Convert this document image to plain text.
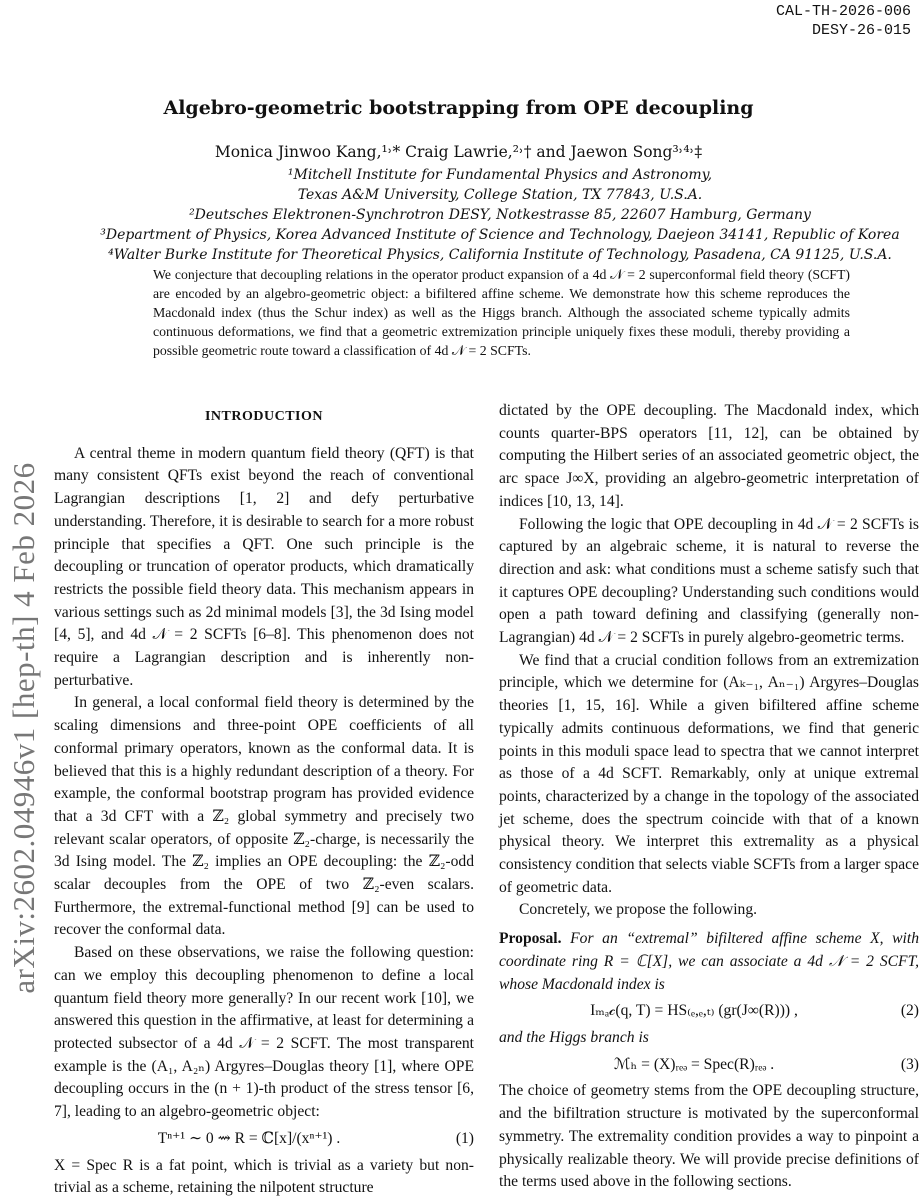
CAL-TH-2026-006
DESY-26-015
arXiv:2602.04946v1 [hep-th] 4 Feb 2026
Algebro-geometric bootstrapping from OPE decoupling
Monica Jinwoo Kang,¹˒* Craig Lawrie,²˒† and Jaewon Song³˒⁴˒‡
¹Mitchell Institute for Fundamental Physics and Astronomy,
Texas A&M University, College Station, TX 77843, U.S.A.
²Deutsches Elektronen-Synchrotron DESY, Notkestrasse 85, 22607 Hamburg, Germany
³Department of Physics, Korea Advanced Institute of Science and Technology, Daejeon 34141, Republic of Korea
⁴Walter Burke Institute for Theoretical Physics, California Institute of Technology, Pasadena, CA 91125, U.S.A.
We conjecture that decoupling relations in the operator product expansion of a 4d 𝒩 = 2 superconformal field theory (SCFT) are encoded by an algebro-geometric object: a bifiltered affine scheme. We demonstrate how this scheme reproduces the Macdonald index (thus the Schur index) as well as the Higgs branch. Although the associated scheme typically admits continuous deformations, we find that a geometric extremization principle uniquely fixes these moduli, thereby providing a possible geometric route toward a classification of 4d 𝒩 = 2 SCFTs.
INTRODUCTION

A central theme in modern quantum field theory (QFT) is that many consistent QFTs exist beyond the reach of conventional Lagrangian descriptions [1, 2] and defy perturbative understanding. Therefore, it is desirable to search for a more robust principle that specifies a QFT. One such principle is the decoupling or truncation of operator products, which dramatically restricts the possible field theory data. This mechanism appears in various settings such as 2d minimal models [3], the 3d Ising model [4, 5], and 4d 𝒩 = 2 SCFTs [6–8]. This phenomenon does not require a Lagrangian description and is inherently non-perturbative.

In general, a local conformal field theory is determined by the scaling dimensions and three-point OPE coefficients of all conformal primary operators, known as the conformal data. It is believed that this is a highly redundant description of a theory. For example, the conformal bootstrap program has provided evidence that a 3d CFT with a ℤ₂ global symmetry and precisely two relevant scalar operators, of opposite ℤ₂-charge, is necessarily the 3d Ising model. The ℤ₂ implies an OPE decoupling: the ℤ₂-odd scalar decouples from the OPE of two ℤ₂-even scalars. Furthermore, the extremal-functional method [9] can be used to recover the conformal data.

Based on these observations, we raise the following question: can we employ this decoupling phenomenon to define a local quantum field theory more generally? In our recent work [10], we answered this question in the affirmative, at least for determining a protected subsector of a 4d 𝒩 = 2 SCFT. The most transparent example is the (A₁, A₂ₙ) Argyres–Douglas theory [1], where OPE decoupling occurs in the (n + 1)-th product of the stress tensor [6, 7], leading to an algebro-geometric object:

Tⁿ⁺¹ ∼ 0 ⇝ R = ℂ[x]/(xⁿ⁺¹) .	(1)

X = Spec R is a fat point, which is trivial as a variety but non-trivial as a scheme, retaining the nilpotent structure

dictated by the OPE decoupling. The Macdonald index, which counts quarter-BPS operators [11, 12], can be obtained by computing the Hilbert series of an associated geometric object, the arc space J∞X, providing an algebro-geometric interpretation of indices [10, 13, 14].

Following the logic that OPE decoupling in 4d 𝒩 = 2 SCFTs is captured by an algebraic scheme, it is natural to reverse the direction and ask: what conditions must a scheme satisfy such that it captures OPE decoupling? Understanding such conditions would open a path toward defining and classifying (generally non-Lagrangian) 4d 𝒩 = 2 SCFTs in purely algebro-geometric terms.

We find that a crucial condition follows from an extremization principle, which we determine for (Aₖ₋₁, Aₙ₋₁) Argyres–Douglas theories [1, 15, 16]. While a given bifiltered affine scheme typically admits continuous deformations, we find that generic points in this moduli space lead to spectra that we cannot interpret as those of a 4d SCFT. Remarkably, only at unique extremal points, characterized by a change in the topology of the associated jet scheme, does the spectrum coincide with that of a known physical theory. We interpret this extremality as a physical consistency condition that selects viable SCFTs from a larger space of geometric data.

Concretely, we propose the following.

Proposal. For an “extremal” bifiltered affine scheme X, with coordinate ring R = ℂ[X], we can associate a 4d 𝒩 = 2 SCFT, whose Macdonald index is

Iₘₐ𝒸(q, T) = HS₍ₑ,ₑ,ₜ₎ (gr(J∞(R))) ,	(2)

and the Higgs branch is

ℳₕ = (X)ᵣₑₔ = Spec(R)ᵣₑₔ .	(3)

The choice of geometry stems from the OPE decoupling structure, and the bifiltration structure is motivated by the superconformal symmetry. The extremality condition provides a way to pinpoint a physically realizable theory. We will provide precise definitions of the terms used above in the following sections.
